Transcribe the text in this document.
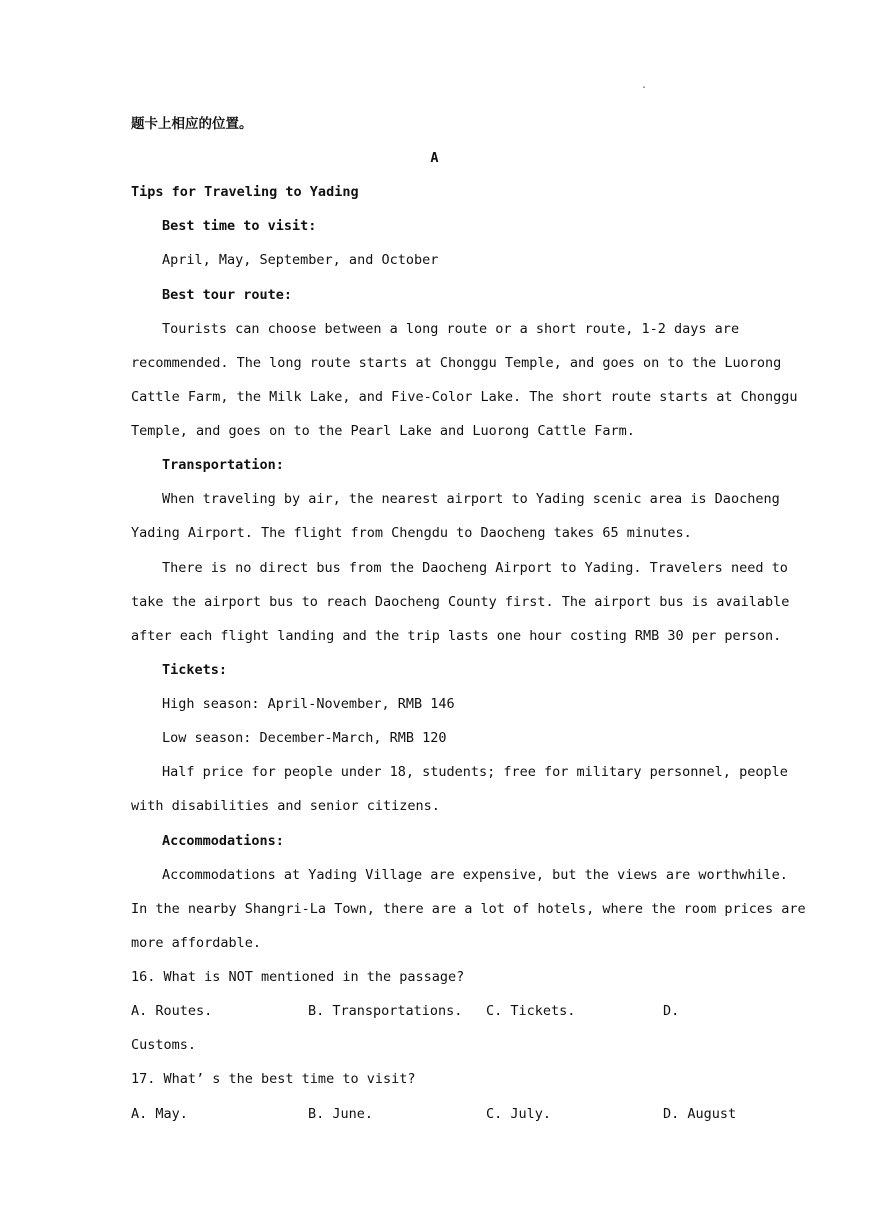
.
题卡上相应的位置。
A
Tips for Traveling to Yading
Best time to visit:
April, May, September, and October
Best tour route:
Tourists can choose between a long route or a short route, 1-2 days are
recommended. The long route starts at Chonggu Temple, and goes on to the Luorong
Cattle Farm, the Milk Lake, and Five-Color Lake. The short route starts at Chonggu
Temple, and goes on to the Pearl Lake and Luorong Cattle Farm.
Transportation:
When traveling by air, the nearest airport to Yading scenic area is Daocheng
Yading Airport. The flight from Chengdu to Daocheng takes 65 minutes.
There is no direct bus from the Daocheng Airport to Yading. Travelers need to
take the airport bus to reach Daocheng County first. The airport bus is available
after each flight landing and the trip lasts one hour costing RMB 30 per person.
Tickets:
High season: April-November, RMB 146
Low season: December-March, RMB 120
Half price for people under 18, students; free for military personnel, people
with disabilities and senior citizens.
Accommodations:
Accommodations at Yading Village are expensive, but the views are worthwhile.
In the nearby Shangri-La Town, there are a lot of hotels, where the room prices are
more affordable.
16. What is NOT mentioned in the passage?
A. Routes.	B. Transportations. C. Tickets.	D.
Customs.
17. What’ s the best time to visit?
A. May.	B. June.	C. July.	D. August
